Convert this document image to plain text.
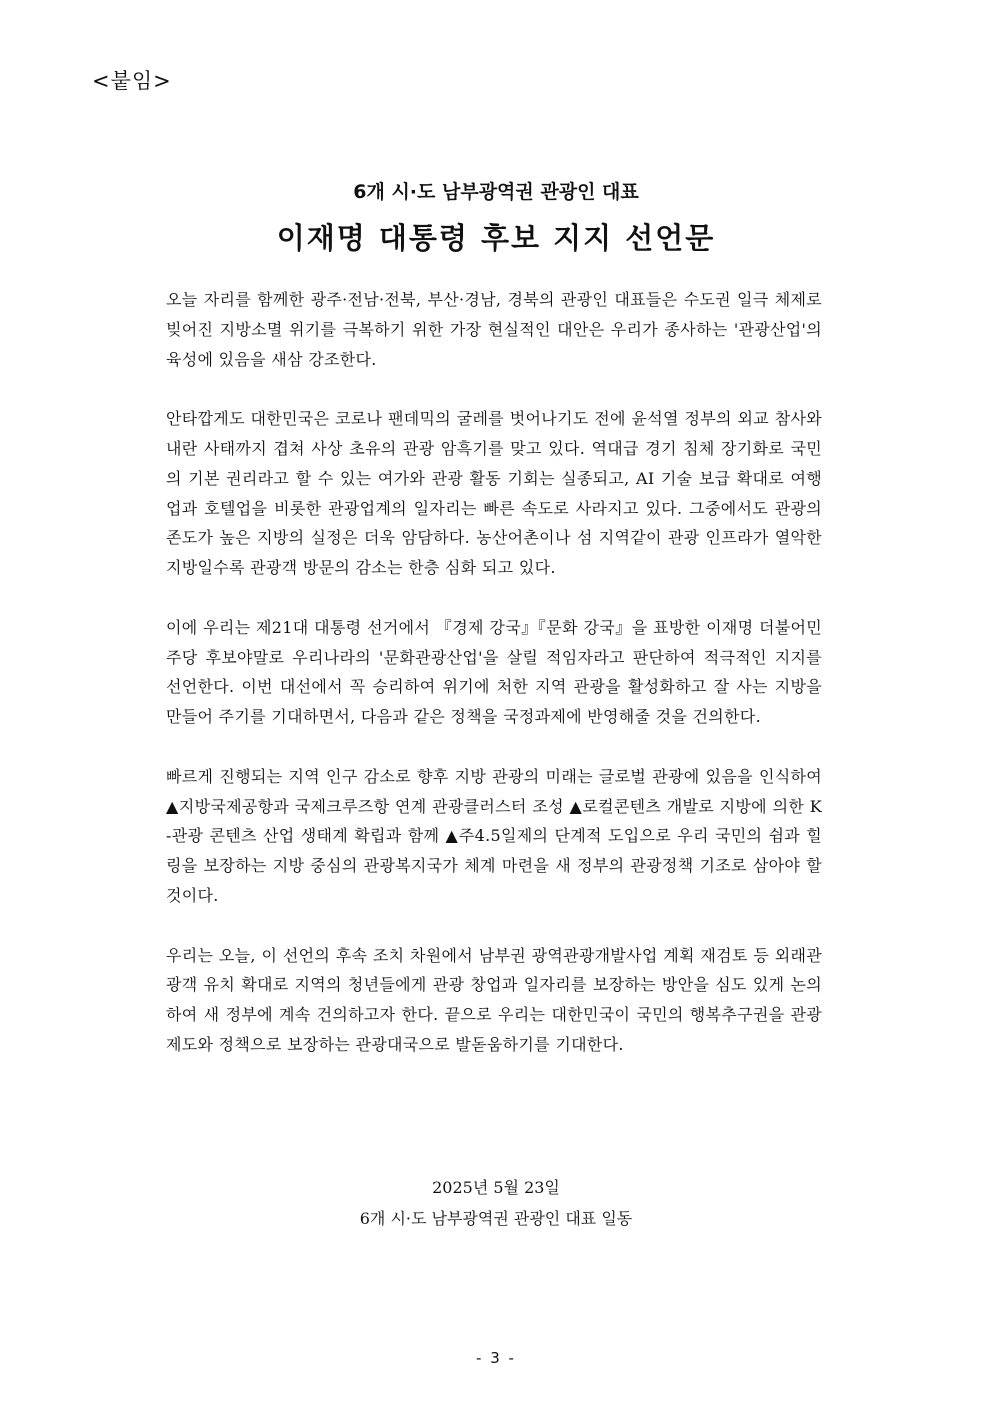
<붙임>
6개 시·도 남부광역권 관광인 대표
이재명 대통령 후보 지지 선언문

오늘 자리를 함께한 광주·전남·전북, 부산·경남, 경북의 관광인 대표들은 수도권 일극 체제로 빚어진 지방소멸 위기를 극복하기 위한 가장 현실적인 대안은 우리가 종사하는 '관광산업'의 육성에 있음을 새삼 강조한다.

안타깝게도 대한민국은 코로나 팬데믹의 굴레를 벗어나기도 전에 윤석열 정부의 외교 참사와 내란 사태까지 겹쳐 사상 초유의 관광 암흑기를 맞고 있다. 역대급 경기 침체 장기화로 국민의 기본 권리라고 할 수 있는 여가와 관광 활동 기회는 실종되고, AI 기술 보급 확대로 여행업과 호텔업을 비롯한 관광업계의 일자리는 빠른 속도로 사라지고 있다. 그중에서도 관광의존도가 높은 지방의 실정은 더욱 암담하다. 농산어촌이나 섬 지역같이 관광 인프라가 열악한 지방일수록 관광객 방문의 감소는 한층 심화 되고 있다.

이에 우리는 제21대 대통령 선거에서 『경제 강국』『문화 강국』을 표방한 이재명 더불어민주당 후보야말로 우리나라의 '문화관광산업'을 살릴 적임자라고 판단하여 적극적인 지지를 선언한다. 이번 대선에서 꼭 승리하여 위기에 처한 지역 관광을 활성화하고 잘 사는 지방을 만들어 주기를 기대하면서, 다음과 같은 정책을 국정과제에 반영해줄 것을 건의한다.

빠르게 진행되는 지역 인구 감소로 향후 지방 관광의 미래는 글로벌 관광에 있음을 인식하여 ▲지방국제공항과 국제크루즈항 연계 관광클러스터 조성 ▲로컬콘텐츠 개발로 지방에 의한 K-관광 콘텐츠 산업 생태계 확립과 함께 ▲주4.5일제의 단계적 도입으로 우리 국민의 쉼과 힐링을 보장하는 지방 중심의 관광복지국가 체계 마련을 새 정부의 관광정책 기조로 삼아야 할 것이다.

우리는 오늘, 이 선언의 후속 조치 차원에서 남부권 광역관광개발사업 계획 재검토 등 외래관광객 유치 확대로 지역의 청년들에게 관광 창업과 일자리를 보장하는 방안을 심도 있게 논의하여 새 정부에 계속 건의하고자 한다. 끝으로 우리는 대한민국이 국민의 행복추구권을 관광제도와 정책으로 보장하는 관광대국으로 발돋움하기를 기대한다.

2025년 5월 23일
6개 시·도 남부광역권 관광인 대표 일동
- 3 -
